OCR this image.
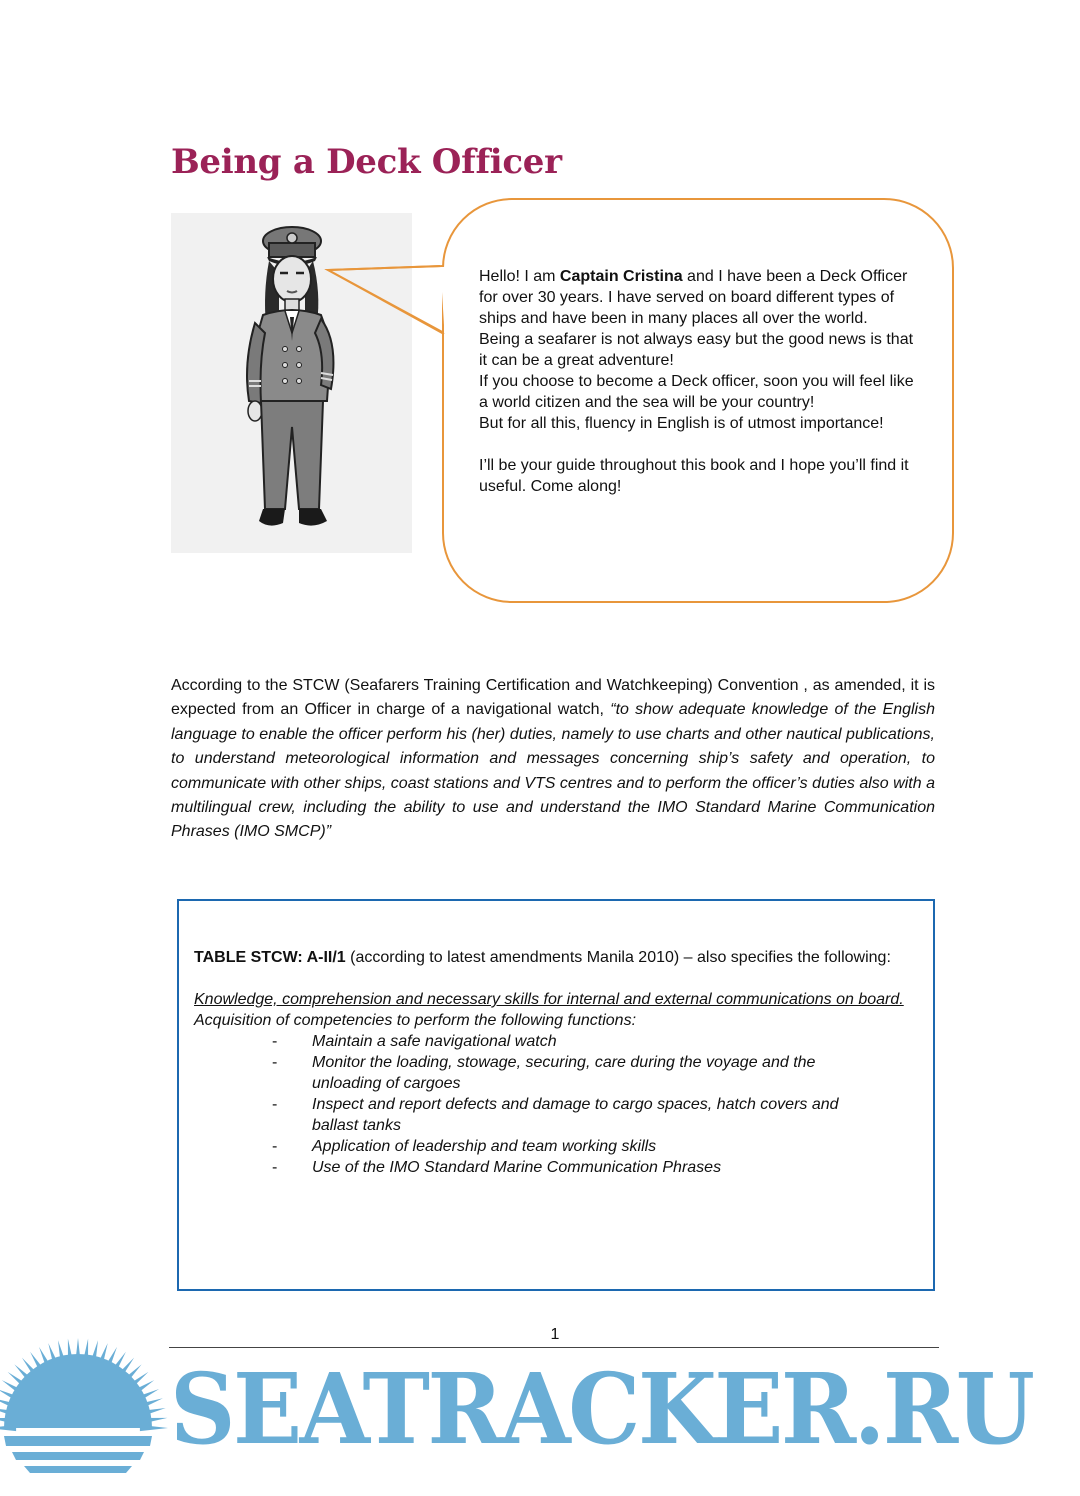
Being a Deck Officer

Hello! I am Captain Cristina and I have been a Deck Officer for over 30 years. I have served on board different types of ships and have been in many places all over the world.

Being a seafarer is not always easy but the good news is that it can be a great adventure!

If you choose to become a Deck officer, soon you will feel like a world citizen and the sea will be your country!

But for all this, fluency in English is of utmost importance!

I’ll be your guide throughout this book and I hope you’ll find it useful. Come along!

According to the STCW (Seafarers Training Certification and Watchkeeping) Convention , as amended, it is expected from an Officer in charge of a navigational watch, “to show adequate knowledge of the English language to enable the officer perform his (her) duties, namely to use charts and other nautical publications, to understand meteorological information and messages concerning ship’s safety and operation, to communicate with other ships, coast stations and VTS centres and to perform the officer’s duties also with a multilingual crew, including the ability to use and understand the IMO Standard Marine Communication Phrases (IMO SMCP)”

TABLE STCW: A-II/1 (according to latest amendments Manila 2010) – also specifies the following:

Knowledge, comprehension and necessary skills for internal and external communications on board.

Acquisition of competencies to perform the following functions:

- Maintain a safe navigational watch
- Monitor the loading, stowage, securing, care during the voyage and the unloading of cargoes
- Inspect and report defects and damage to cargo spaces, hatch covers and ballast tanks
- Application of leadership and team working skills
- Use of the IMO Standard Marine Communication Phrases
1
SEATRACKER.RU
